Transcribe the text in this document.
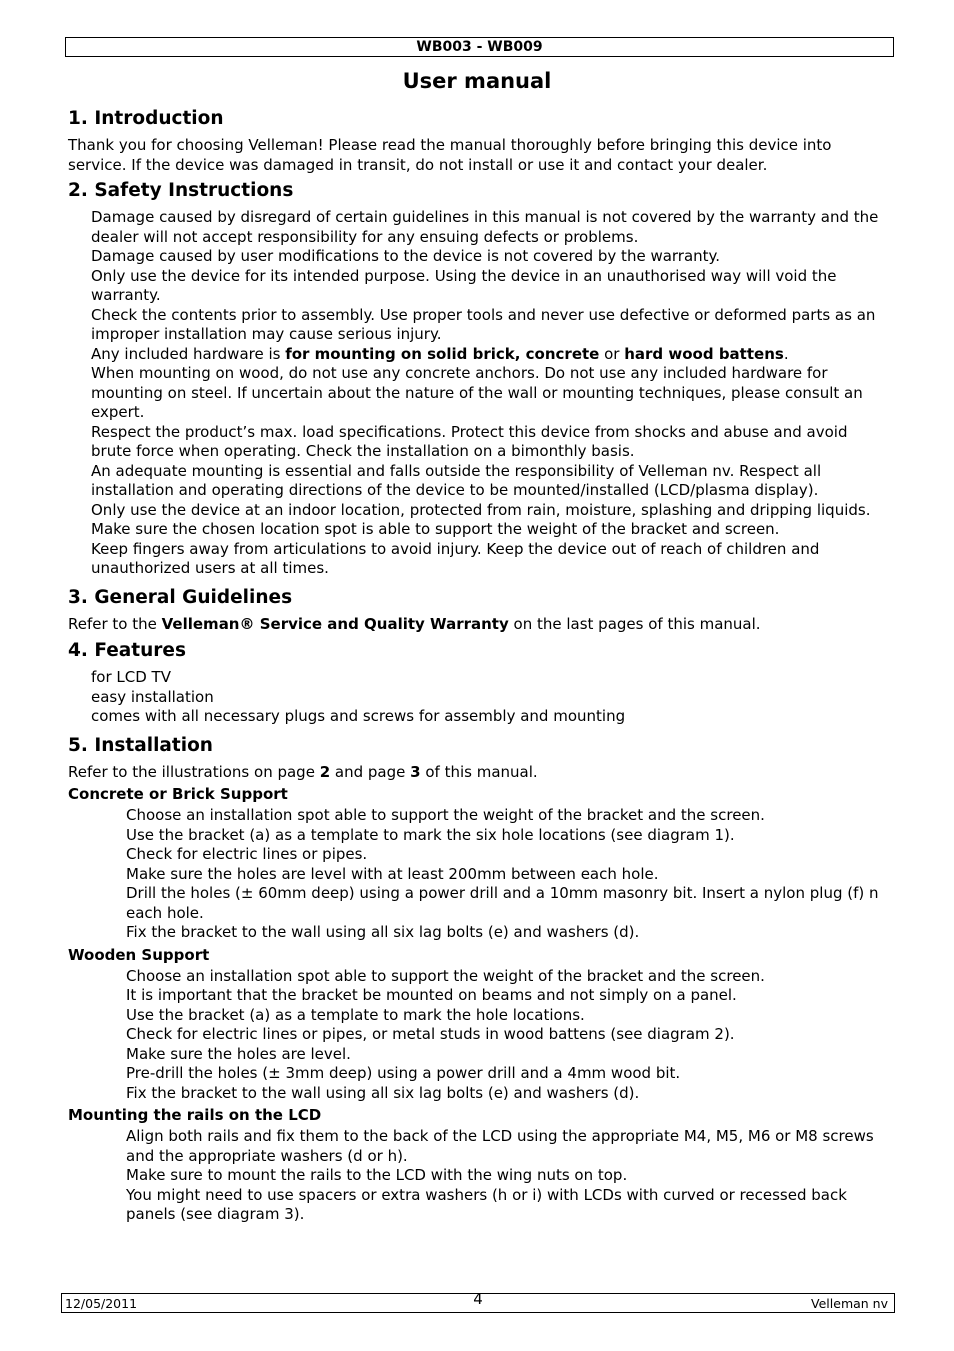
WB003 - WB009
User manual
1. Introduction

Thank you for choosing Velleman! Please read the manual thoroughly before bringing this device into service. If the device was damaged in transit, do not install or use it and contact your dealer.

2. Safety Instructions

Damage caused by disregard of certain guidelines in this manual is not covered by the warranty and the dealer will not accept responsibility for any ensuing defects or problems.

Damage caused by user modifications to the device is not covered by the warranty.

Only use the device for its intended purpose. Using the device in an unauthorised way will void the warranty.

Check the contents prior to assembly. Use proper tools and never use defective or deformed parts as an improper installation may cause serious injury.

Any included hardware is for mounting on solid brick, concrete or hard wood battens.

When mounting on wood, do not use any concrete anchors. Do not use any included hardware for mounting on steel. If uncertain about the nature of the wall or mounting techniques, please consult an expert.

Respect the product’s max. load specifications. Protect this device from shocks and abuse and avoid brute force when operating. Check the installation on a bimonthly basis.

An adequate mounting is essential and falls outside the responsibility of Velleman nv. Respect all installation and operating directions of the device to be mounted/installed (LCD/plasma display).

Only use the device at an indoor location, protected from rain, moisture, splashing and dripping liquids. Make sure the chosen location spot is able to support the weight of the bracket and screen.

Keep fingers away from articulations to avoid injury. Keep the device out of reach of children and unauthorized users at all times.

3. General Guidelines

Refer to the Velleman® Service and Quality Warranty on the last pages of this manual.

4. Features

for LCD TV

easy installation

comes with all necessary plugs and screws for assembly and mounting

5. Installation

Refer to the illustrations on page 2 and page 3 of this manual.

Concrete or Brick Support

Choose an installation spot able to support the weight of the bracket and the screen.

Use the bracket (a) as a template to mark the six hole locations (see diagram 1).

Check for electric lines or pipes.

Make sure the holes are level with at least 200mm between each hole.

Drill the holes (± 60mm deep) using a power drill and a 10mm masonry bit. Insert a nylon plug (f) n each hole.

Fix the bracket to the wall using all six lag bolts (e) and washers (d).

Wooden Support

Choose an installation spot able to support the weight of the bracket and the screen.

It is important that the bracket be mounted on beams and not simply on a panel.

Use the bracket (a) as a template to mark the hole locations.

Check for electric lines or pipes, or metal studs in wood battens (see diagram 2).

Make sure the holes are level.

Pre-drill the holes (± 3mm deep) using a power drill and a 4mm wood bit.

Fix the bracket to the wall using all six lag bolts (e) and washers (d).

Mounting the rails on the LCD

Align both rails and fix them to the back of the LCD using the appropriate M4, M5, M6 or M8 screws and the appropriate washers (d or h).

Make sure to mount the rails to the LCD with the wing nuts on top.

You might need to use spacers or extra washers (h or i) with LCDs with curved or recessed back panels (see diagram 3).

12/05/2011	4	Velleman nv
